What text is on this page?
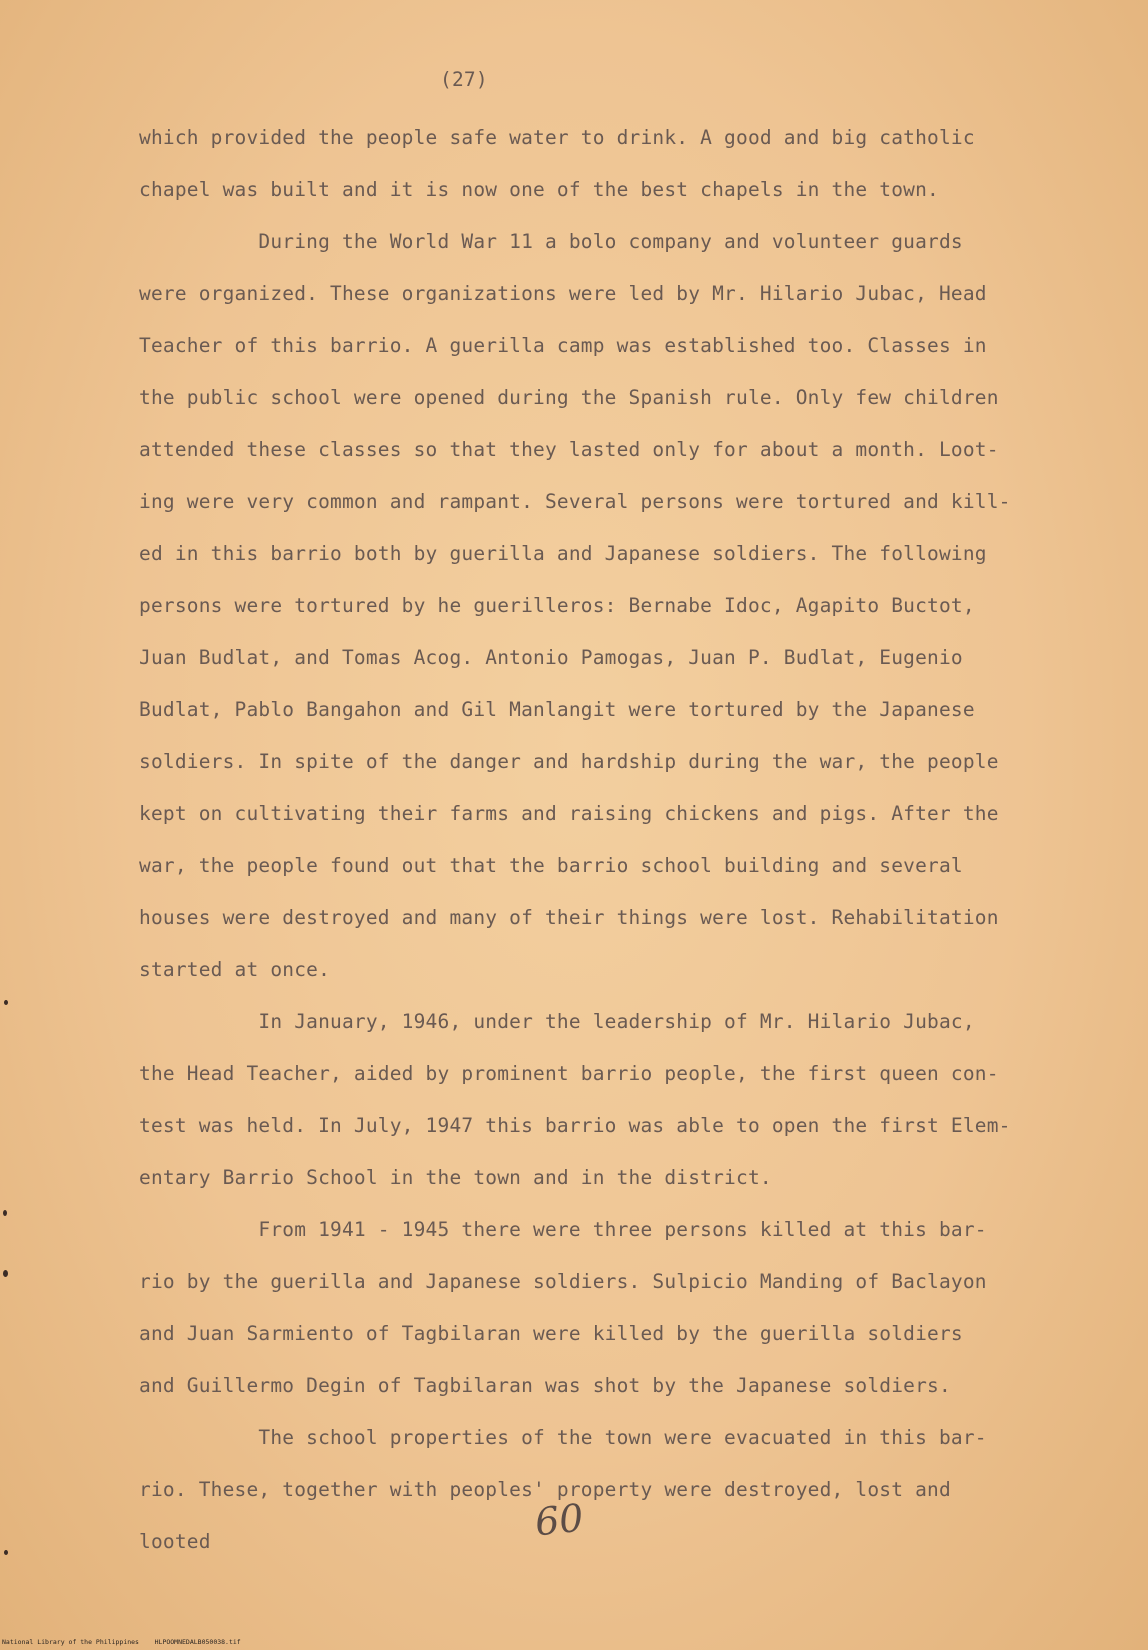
(27)
which provided the people safe water to drink. A good and big catholic
chapel was built and it is now one of the best chapels in the town.
During the World War 11 a bolo company and volunteer guards
were organized. These organizations were led by Mr. Hilario Jubac, Head
Teacher of this barrio. A guerilla camp was established too. Classes in
the public school were opened during the Spanish rule. Only few children
attended these classes so that they lasted only for about a month. Loot-
ing were very common and rampant. Several persons were tortured and kill-
ed in this barrio both by guerilla and Japanese soldiers. The following
persons were tortured by he guerilleros: Bernabe Idoc, Agapito Buctot,
Juan Budlat, and Tomas Acog. Antonio Pamogas, Juan P. Budlat, Eugenio
Budlat, Pablo Bangahon and Gil Manlangit were tortured by the Japanese
soldiers. In spite of the danger and hardship during the war, the people
kept on cultivating their farms and raising chickens and pigs. After the
war, the people found out that the barrio school building and several
houses were destroyed and many of their things were lost. Rehabilitation
started at once.
In January, 1946, under the leadership of Mr. Hilario Jubac,
the Head Teacher, aided by prominent barrio people, the first queen con-
test was held. In July, 1947 this barrio was able to open the first Elem-
entary Barrio School in the town and in the district.
From 1941 - 1945 there were three persons killed at this bar-
rio by the guerilla and Japanese soldiers. Sulpicio Manding of Baclayon
and Juan Sarmiento of Tagbilaran were killed by the guerilla soldiers
and Guillermo Degin of Tagbilaran was shot by the Japanese soldiers.
The school properties of the town were evacuated in this bar-
rio. These, together with peoples' property were destroyed, lost and
looted	60
National Library of the Philippines    HLPOOMNEDALB050038.tif
